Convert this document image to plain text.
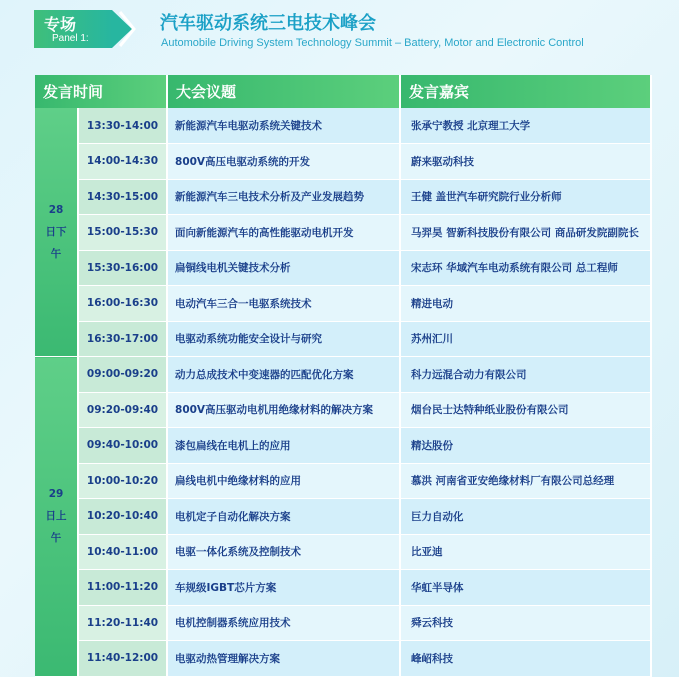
专场
Panel 1:
汽车驱动系统三电技术峰会
Automobile Driving System Technology Summit – Battery, Motor and Electronic Control
发言时间		大会议题	发言嘉宾

28日下午	13:30-14:00	新能源汽车电驱动系统关键技术	张承宁教授 北京理工大学
	14:00-14:30	800V高压电驱动系统的开发	蔚来驱动科技
	14:30-15:00	新能源汽车三电技术分析及产业发展趋势	王健 盖世汽车研究院行业分析师
	15:00-15:30	面向新能源汽车的高性能驱动电机开发	马羿昊 智新科技股份有限公司 商品研发院副院长
	15:30-16:00	扁铜线电机关键技术分析	宋志环 华域汽车电动系统有限公司 总工程师
	16:00-16:30	电动汽车三合一电驱系统技术	精进电动
	16:30-17:00	电驱动系统功能安全设计与研究	苏州汇川

29日上午	09:00-09:20	动力总成技术中变速器的匹配优化方案	科力远混合动力有限公司
	09:20-09:40	800V高压驱动电机用绝缘材料的解决方案	烟台民士达特种纸业股份有限公司
	09:40-10:00	漆包扁线在电机上的应用	精达股份
	10:00-10:20	扁线电机中绝缘材料的应用	慕洪 河南省亚安绝缘材料厂有限公司总经理
	10:20-10:40	电机定子自动化解决方案	巨力自动化
	10:40-11:00	电驱一体化系统及控制技术	比亚迪
	11:00-11:20	车规级IGBT芯片方案	华虹半导体
	11:20-11:40	电机控制器系统应用技术	舜云科技
	11:40-12:00	电驱动热管理解决方案	峰岹科技
